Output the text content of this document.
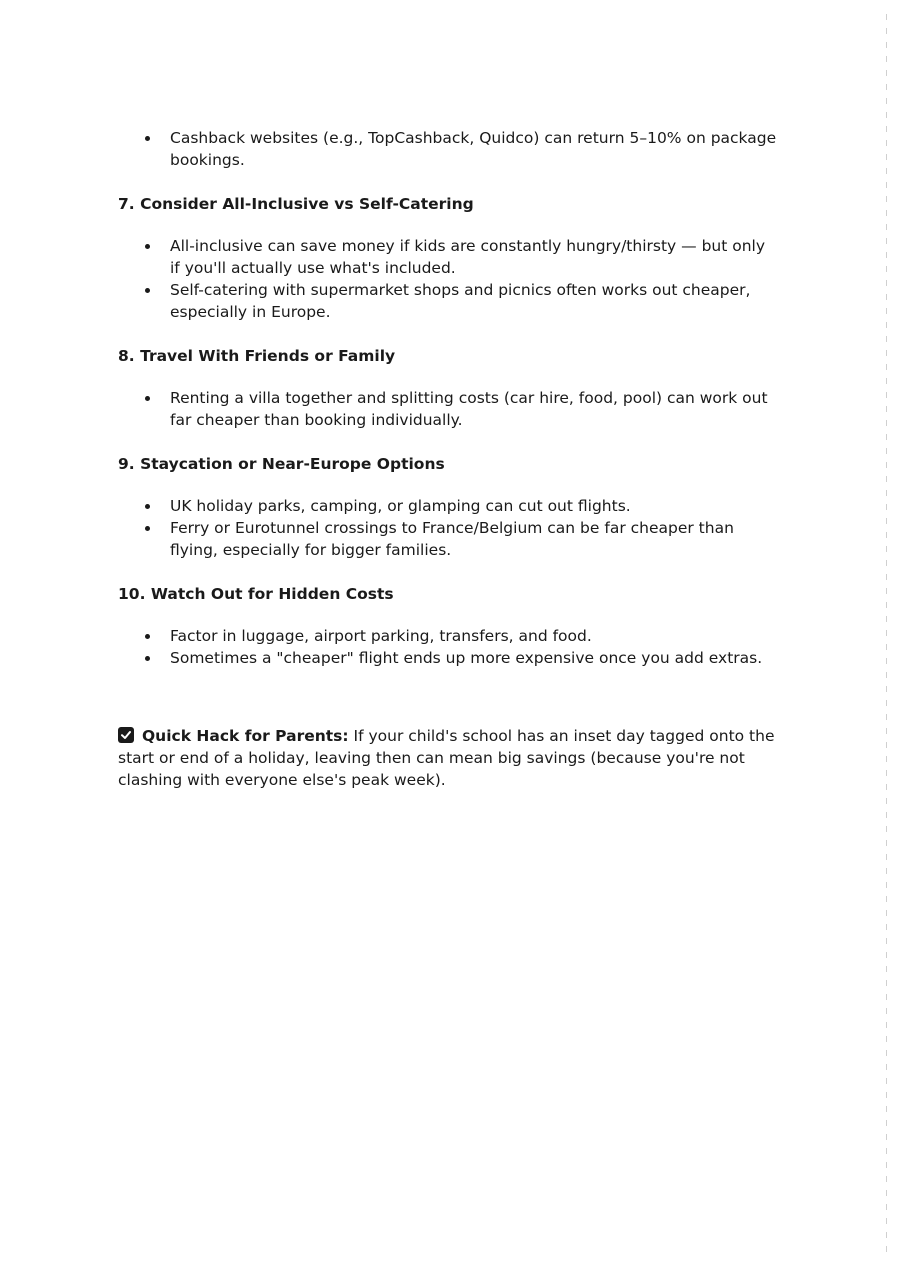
Cashback websites (e.g., TopCashback, Quidco) can return 5–10% on package bookings.
7. Consider All-Inclusive vs Self-Catering
All-inclusive can save money if kids are constantly hungry/thirsty — but only if you'll actually use what's included.
Self-catering with supermarket shops and picnics often works out cheaper, especially in Europe.
8. Travel With Friends or Family
Renting a villa together and splitting costs (car hire, food, pool) can work out far cheaper than booking individually.
9. Staycation or Near-Europe Options
UK holiday parks, camping, or glamping can cut out flights.
Ferry or Eurotunnel crossings to France/Belgium can be far cheaper than flying, especially for bigger families.
10. Watch Out for Hidden Costs
Factor in luggage, airport parking, transfers, and food.
Sometimes a "cheaper" flight ends up more expensive once you add extras.

Quick Hack for Parents: If your child's school has an inset day tagged onto the start or end of a holiday, leaving then can mean big savings (because you're not clashing with everyone else's peak week).
